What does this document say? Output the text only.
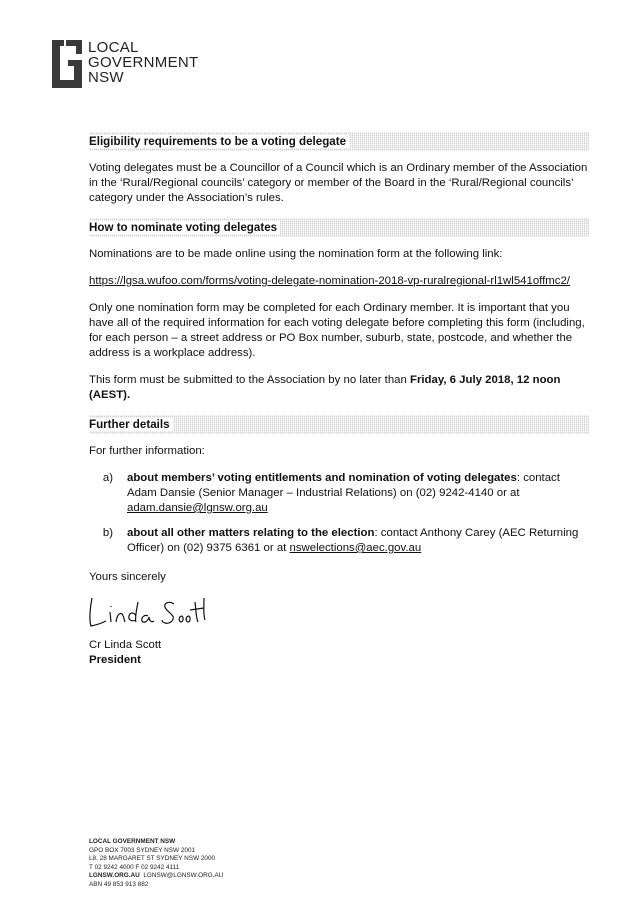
LOCAL
GOVERNMENT
NSW
Eligibility requirements to be a voting delegate

Voting delegates must be a Councillor of a Council which is an Ordinary member of the Association in the ‘Rural/Regional councils’ category or member of the Board in the ‘Rural/Regional councils’ category under the Association’s rules.

How to nominate voting delegates

Nominations are to be made online using the nomination form at the following link:

https://lgsa.wufoo.com/forms/voting-delegate-nomination-2018-vp-ruralregional-rl1wl541offmc2/

Only one nomination form may be completed for each Ordinary member. It is important that you have all of the required information for each voting delegate before completing this form (including, for each person – a street address or PO Box number, suburb, state, postcode, and whether the address is a workplace address).

This form must be submitted to the Association by no later than Friday, 6 July 2018, 12 noon (AEST).

Further details

For further information:

a)	about members’ voting entitlements and nomination of voting delegates: contact Adam Dansie (Senior Manager – Industrial Relations) on (02) 9242-4140 or at adam.dansie@lgnsw.org.au
b)	about all other matters relating to the election: contact Anthony Carey (AEC Returning Officer) on (02) 9375 6361 or at nswelections@aec.gov.au
Yours sincerely
Cr Linda Scott
President
LOCAL GOVERNMENT NSW
GPO BOX 7003 SYDNEY NSW 2001
L8, 28 MARGARET ST SYDNEY NSW 2000
T 02 9242 4000 F 02 9242 4111
LGNSW.ORG.AU LGNSW@LGNSW.ORG.AU
ABN 49 853 913 882
